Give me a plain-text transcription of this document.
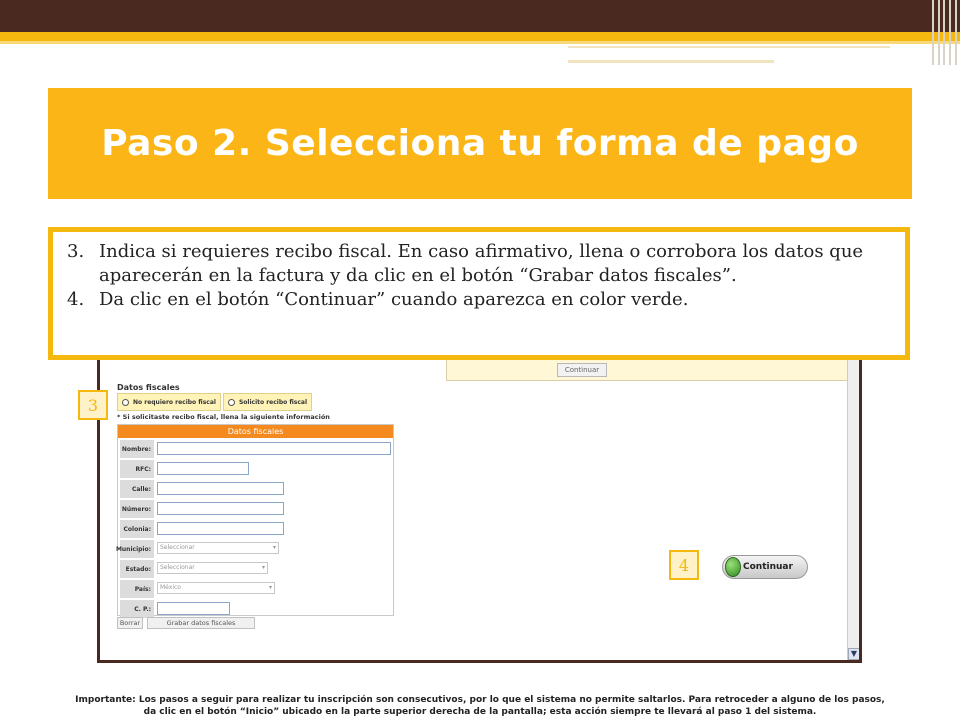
Paso 2. Selecciona tu forma de pago
Continuar
Datos fiscales
No requiero recibo fiscal	Solicito recibo fiscal
* Si solicitaste recibo fiscal, llena la siguiente información
Datos fiscales
Nombre:
RFC:
Calle:
Número:
Colonia:
Municipio:	Seleccionar	▾
Estado:	Seleccionar	▾
País:	México	▾
C. P.:
Borrar	Grabar datos fiscales
Continuar
▼
3
4
3. Indica si requieres recibo fiscal. En caso afirmativo, llena o corrobora los datos que aparecerán en la factura y da clic en el botón “Grabar datos fiscales”.
4. Da clic en el botón “Continuar” cuando aparezca en color verde.
Importante: Los pasos a seguir para realizar tu inscripción son consecutivos, por lo que el sistema no permite saltarlos. Para retroceder a alguno de los pasos,
da clic en el botón “Inicio” ubicado en la parte superior derecha de la pantalla; esta acción siempre te llevará al paso 1 del sistema.
